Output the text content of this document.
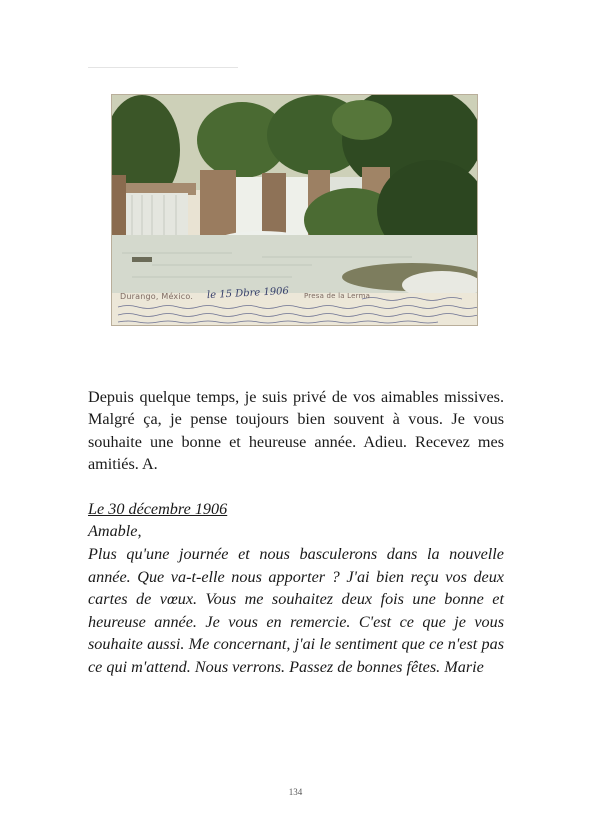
Durango, México. le 15 Dbre 1906 Presa de la Lerma

Depuis quelque temps, je suis privé de vos aimables missives. Malgré ça, je pense toujours bien souvent à vous. Je vous souhaite une bonne et heureuse année. Adieu. Recevez mes amitiés. A.

Le 30 décembre 1906

Amable,

Plus qu'une journée et nous basculerons dans la nouvelle année. Que va-t-elle nous apporter ? J'ai bien reçu vos deux cartes de vœux. Vous me souhaitez deux fois une bonne et heureuse année. Je vous en remercie. C'est ce que je vous souhaite aussi. Me concernant, j'ai le sentiment que ce n'est pas ce qui m'attend. Nous verrons. Passez de bonnes fêtes. Marie

134
